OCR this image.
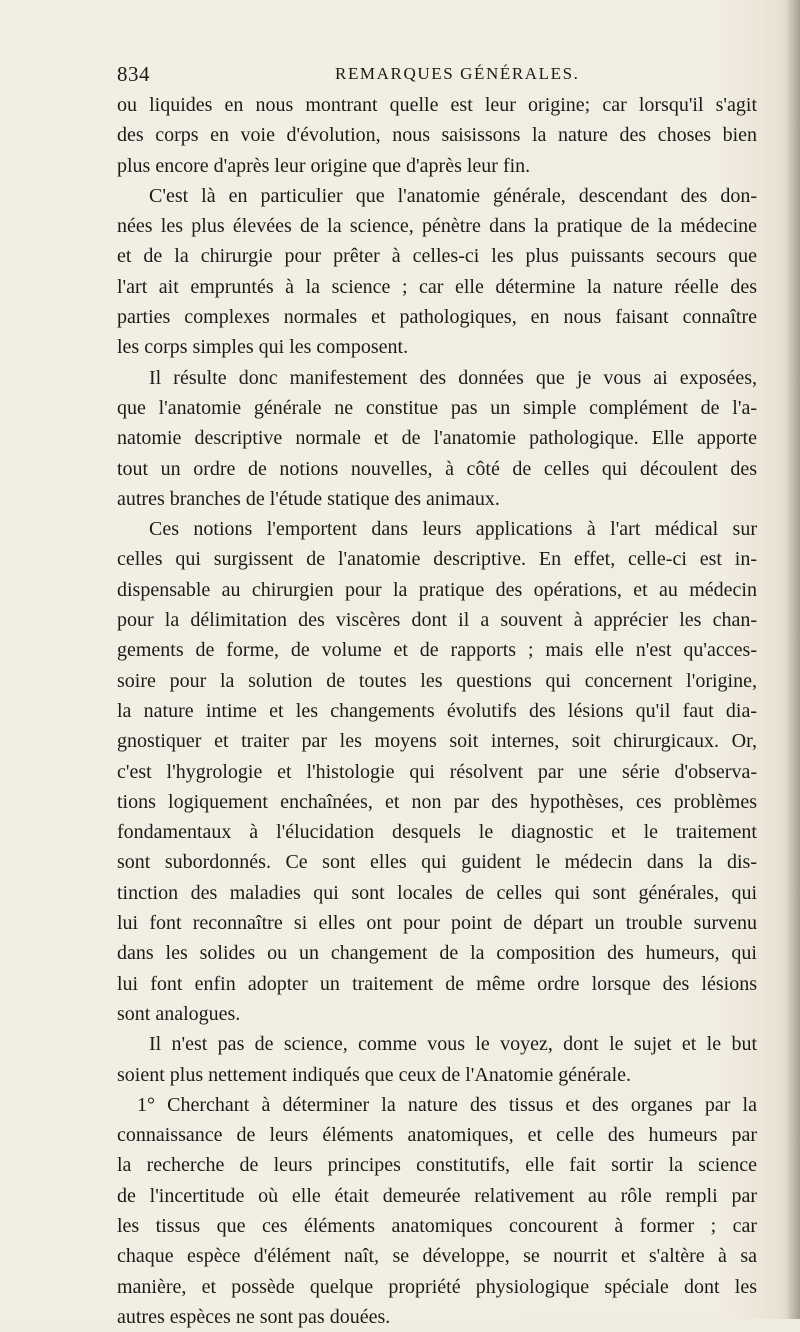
834	REMARQUES GÉNÉRALES.
ou liquides en nous montrant quelle est leur origine; car lorsqu'il s'agit
des corps en voie d'évolution, nous saisissons la nature des choses bien
plus encore d'après leur origine que d'après leur fin.
C'est là en particulier que l'anatomie générale, descendant des don-
nées les plus élevées de la science, pénètre dans la pratique de la médecine
et de la chirurgie pour prêter à celles-ci les plus puissants secours que
l'art ait empruntés à la science ; car elle détermine la nature réelle des
parties complexes normales et pathologiques, en nous faisant connaître
les corps simples qui les composent.
Il résulte donc manifestement des données que je vous ai exposées,
que l'anatomie générale ne constitue pas un simple complément de l'a-
natomie descriptive normale et de l'anatomie pathologique. Elle apporte
tout un ordre de notions nouvelles, à côté de celles qui découlent des
autres branches de l'étude statique des animaux.
Ces notions l'emportent dans leurs applications à l'art médical sur
celles qui surgissent de l'anatomie descriptive. En effet, celle-ci est in-
dispensable au chirurgien pour la pratique des opérations, et au médecin
pour la délimitation des viscères dont il a souvent à apprécier les chan-
gements de forme, de volume et de rapports ; mais elle n'est qu'acces-
soire pour la solution de toutes les questions qui concernent l'origine,
la nature intime et les changements évolutifs des lésions qu'il faut dia-
gnostiquer et traiter par les moyens soit internes, soit chirurgicaux. Or,
c'est l'hygrologie et l'histologie qui résolvent par une série d'observa-
tions logiquement enchaînées, et non par des hypothèses, ces problèmes
fondamentaux à l'élucidation desquels le diagnostic et le traitement
sont subordonnés. Ce sont elles qui guident le médecin dans la dis-
tinction des maladies qui sont locales de celles qui sont générales, qui
lui font reconnaître si elles ont pour point de départ un trouble survenu
dans les solides ou un changement de la composition des humeurs, qui
lui font enfin adopter un traitement de même ordre lorsque des lésions
sont analogues.
Il n'est pas de science, comme vous le voyez, dont le sujet et le but
soient plus nettement indiqués que ceux de l'Anatomie générale.
1° Cherchant à déterminer la nature des tissus et des organes par la
connaissance de leurs éléments anatomiques, et celle des humeurs par
la recherche de leurs principes constitutifs, elle fait sortir la science
de l'incertitude où elle était demeurée relativement au rôle rempli par
les tissus que ces éléments anatomiques concourent à former ; car
chaque espèce d'élément naît, se développe, se nourrit et s'altère à sa
manière, et possède quelque propriété physiologique spéciale dont les
autres espèces ne sont pas douées.
